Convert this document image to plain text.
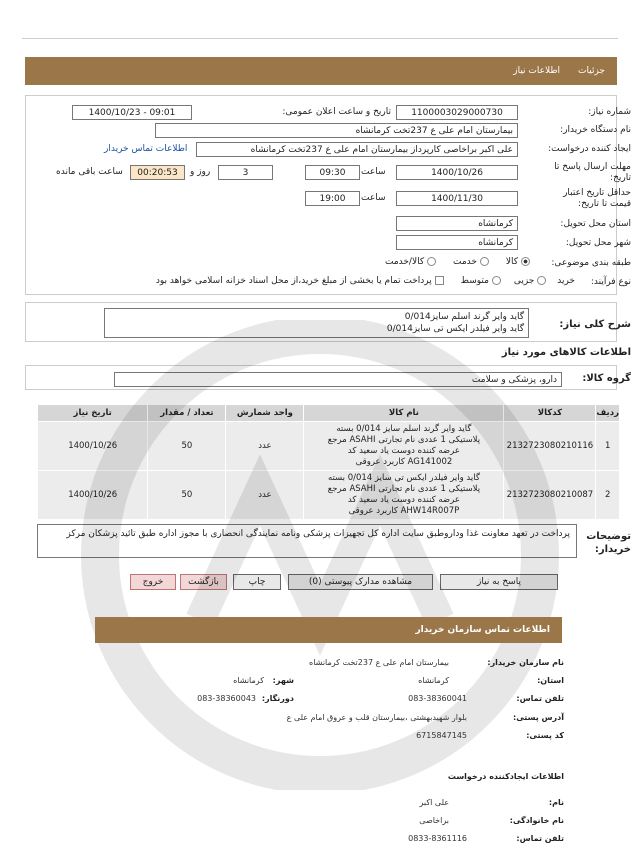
جزئیات
اطلاعات نیاز
شماره نیاز:
1100003029000730
تاریخ و ساعت اعلان عمومی:
1400/10/23 - 09:01
نام دستگاه خریدار:
بیمارستان امام علی ع 237تخت کرمانشاه
ایجاد کننده درخواست:
علی اکبر براخاصی کارپرداز بیمارستان امام علی ع 237تخت کرمانشاه
اطلاعات تماس خریدار
مهلت ارسال پاسخ تا تاریخ:
1400/10/26
ساعت
09:30
3
روز و
00:20:53
ساعت باقی مانده
حداقل تاریخ اعتبار قیمت تا تاریخ:
1400/11/30
ساعت
19:00
استان محل تحویل:
کرمانشاه
شهر محل تحویل:
کرمانشاه
طبقه بندی موضوعی:
کالا خدمت کالا/خدمت
نوع فرآیند:
خرید جزیی متوسط پرداخت تمام یا بخشی از مبلغ خرید،از محل اسناد خزانه اسلامی خواهد بود
شرح کلی نیاز:
گاید وایر گرند اسلم سایز0/014
گاید وایر فیلدر ایکس تی سایز0/014
اطلاعات کالاهای مورد نیاز
گروه کالا:
دارو، پزشکی و سلامت
ردیف	کدکالا	نام کالا	واحد شمارش	تعداد / مقدار	تاریخ نیاز
1	2132723080210116	گاید وایر گرند اسلم سایز 0/014 بسته پلاستیکی 1 عددی نام تجارتی ASAHI مرجع عرضه کننده دوست یاد سعید کد AG141002 کاربرد عروقی	عدد	50	1400/10/26
2	2132723080210087	گاید وایر فیلدر ایکس تی سایز 0/014 بسته پلاستیکی 1 عددی نام تجارتی ASAHI مرجع عرضه کننده دوست یاد سعید کد AHW14R007P کاربرد عروقی	عدد	50	1400/10/26
توضیحات خریدار:
پرداخت در تعهد معاونت غذا وداروطبق سایت اداره کل تجهیزات پزشکی ونامه نمایندگی انحصاری با مجوز اداره طبق تائید پزشکان مرکز
پاسخ به نیاز
مشاهده مدارک پیوستی (0)
چاپ
بازگشت
خروج
اطلاعات تماس سازمان خریدار
نام سازمان خریدار:
بیمارستان امام علی ع 237تخت کرمانشاه
استان:
کرمانشاه
شهر:
کرمانشاه
تلفن تماس:
083-38360041
دورنگار:
083-38360043
آدرس پستی:
بلوار شهیدبهشتی ،بیمارستان قلب و عروق امام علی ع
کد پستی:
6715847145
اطلاعات ایجادکننده درخواست
نام:
علی اکبر
نام خانوادگی:
براخاصی
تلفن تماس:
0833-8361116
